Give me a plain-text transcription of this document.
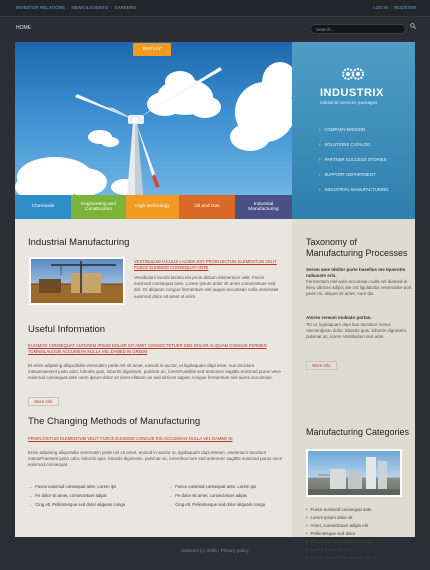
INVESTOR RELATIONS | NEWS & EVENTS | CAREERS	LOG IN | REGISTER
HOME	Search...
REPLAY
INDUSTRIX
industrial services packages
› COMPANY MISSION
› SOLUTIONS CATALOG
› PARTNER SUCCESS STORIES
› SUPPORT DEPARTMENT
› INDUSTRIAL MANUFACTURING
Chemicals
Engineering and Construction
High technology	Oil and Gas
Industrial Manufacturing
Industrial Manufacturing
VESTIBULUM IACULIS LACINIA EST PROIN DICTUM ELEMENTUM VELIT FUSCE EUISMOD CONSEQUAT ANTE
Vestibulum iaculis lacinia est proin dictum elementum velit. Fusce euismod consequat ante. Lorem ipsum dolor sit amet consectetuer sed dol. Or aliquam congue fermentum nisl augue accumsan nulla venenatis euismod dolor sit amet ut enim.
Useful Information
EUISMOD CONSEQUAT ANTEREM IPSUM DOLOR SIT AMET CONSECTETUER SED DOLOR ALIQUAM CONGUE FERMEN TUMNISLAUGUE ACCUMSAN NULLA VEL DAMED IN GREEN
Et enim adipising aliquotfulla venenatim pede mit sit amet, euisod in auctor, ut ligulaquam dapi esse, nus tincidunt metusHaesent justo odor, lobortis quis, lobortis dignissim, pulvinar ac, loremFuselitis sed anteonec sagittis euismod purus vece euismod consequat ante orem ipsum dolor sit amet elitante ue sed ultrices sapien congue fermentum nisl aures accumsan.
More Info
The Changing Methods of Manufacturing
PROIN DICTUM ELEMENTUM VELIT FUSCE EUISMOD CONGUE RIS ACCUMSAN NULLA VEL DAMED IN
Enim adipising aliquotulla venenatim pede mit sit amet, euisod in auctor ut, ligulaquam dapi etresm, onelentum tincidunt metusPraesent justo odor, lobortis quis, lobortis dignissim, pulvinar ac, loremboo ture sed anteonec sagittis euismod purus vece euismod consequat.
→ Fusce euismod consequat ante. Lorem ips
→ Fe dolor sit amet, consectetuer adipis
→ Cing elt. Pellentesque sed dolor aliquam congu
→ Fusce euismod consequat ante. Lorem ips
→ Fe dolor sit amet, consectetuer adipis
→ Cing elt. Pellentesque sed dolor aliquam congu
Taxonomy of Manufacturing Processes
Serem ame tdollor purte hasellus me lquerntm nukuuste eris.
Fermentum nisl aufe accumsan nulla vel diamed in liseu ultrices adipis ate ind ligulatvitia venenatise port pede mi, aliquet sit amet, eure dis.
Atores rereum mukiato portan.
Tst ut, ligulaquam dapi bus tincidunt metus nacnentjusto dolor, lobortis quis, lobortis dignissim, pulvinar ac, lorem Vestibulum sed ante.
More Info
Manufacturing Categories
• Fusce euismod consequat ante
• Lorem ipsum dolor sit
• Amet, consectetuer adipis elit
• Pellentesque sed dolor
• Aliquam congue fermentum nisl
• Lorem ipsum dolor sit
• Amet, consectetuer adipiscing elit
Industrix (c) 2009 | Privacy policy
